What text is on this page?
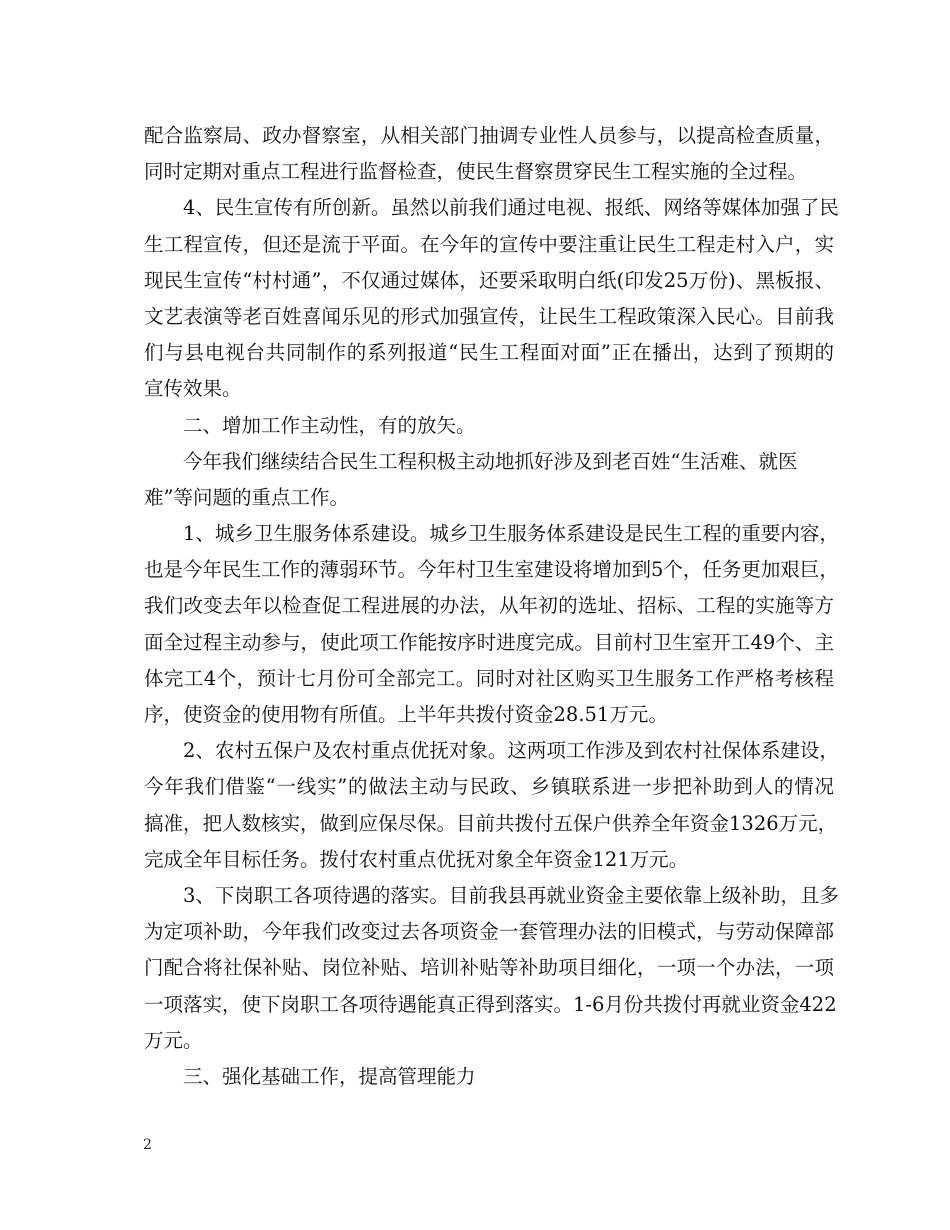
配合监察局、政办督察室，从相关部门抽调专业性人员参与，以提高检查质量，
同时定期对重点工程进行监督检查，使民生督察贯穿民生工程实施的全过程。
4、民生宣传有所创新。虽然以前我们通过电视、报纸、网络等媒体加强了民
生工程宣传，但还是流于平面。在今年的宣传中要注重让民生工程走村入户，实
现民生宣传“村村通”，不仅通过媒体，还要采取明白纸(印发25万份)、黑板报、
文艺表演等老百姓喜闻乐见的形式加强宣传，让民生工程政策深入民心。目前我
们与县电视台共同制作的系列报道“民生工程面对面”正在播出，达到了预期的
宣传效果。
二、增加工作主动性，有的放矢。
今年我们继续结合民生工程积极主动地抓好涉及到老百姓“生活难、就医
难”等问题的重点工作。
1、城乡卫生服务体系建设。城乡卫生服务体系建设是民生工程的重要内容，
也是今年民生工作的薄弱环节。今年村卫生室建设将增加到5个，任务更加艰巨，
我们改变去年以检查促工程进展的办法，从年初的选址、招标、工程的实施等方
面全过程主动参与，使此项工作能按序时进度完成。目前村卫生室开工49个、主
体完工4个，预计七月份可全部完工。同时对社区购买卫生服务工作严格考核程
序，使资金的使用物有所值。上半年共拨付资金28.51万元。
2、农村五保户及农村重点优抚对象。这两项工作涉及到农村社保体系建设，
今年我们借鉴“一线实”的做法主动与民政、乡镇联系进一步把补助到人的情况
搞准，把人数核实，做到应保尽保。目前共拨付五保户供养全年资金1326万元，
完成全年目标任务。拨付农村重点优抚对象全年资金121万元。
3、下岗职工各项待遇的落实。目前我县再就业资金主要依靠上级补助，且多
为定项补助，今年我们改变过去各项资金一套管理办法的旧模式，与劳动保障部
门配合将社保补贴、岗位补贴、培训补贴等补助项目细化，一项一个办法，一项
一项落实，使下岗职工各项待遇能真正得到落实。1-6月份共拨付再就业资金422
万元。
三、强化基础工作，提高管理能力
2
